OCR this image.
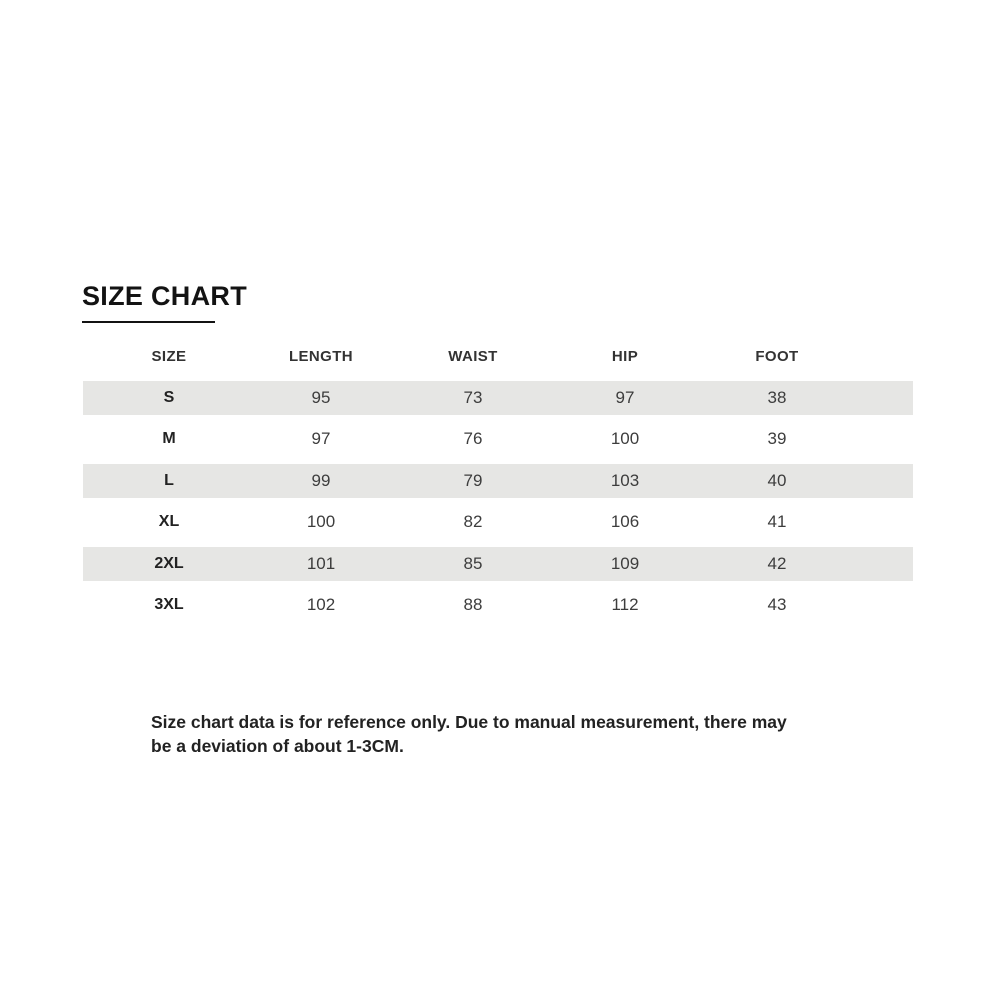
SIZE CHART
SIZE	LENGTH	WAIST	HIP	FOOT
S	95	73	97	38
M	97	76	100	39
L	99	79	103	40
XL	100	82	106	41
2XL	101	85	109	42
3XL	102	88	112	43
Size chart data is for reference only. Due to manual measurement, there may
be a deviation of about 1-3CM.
